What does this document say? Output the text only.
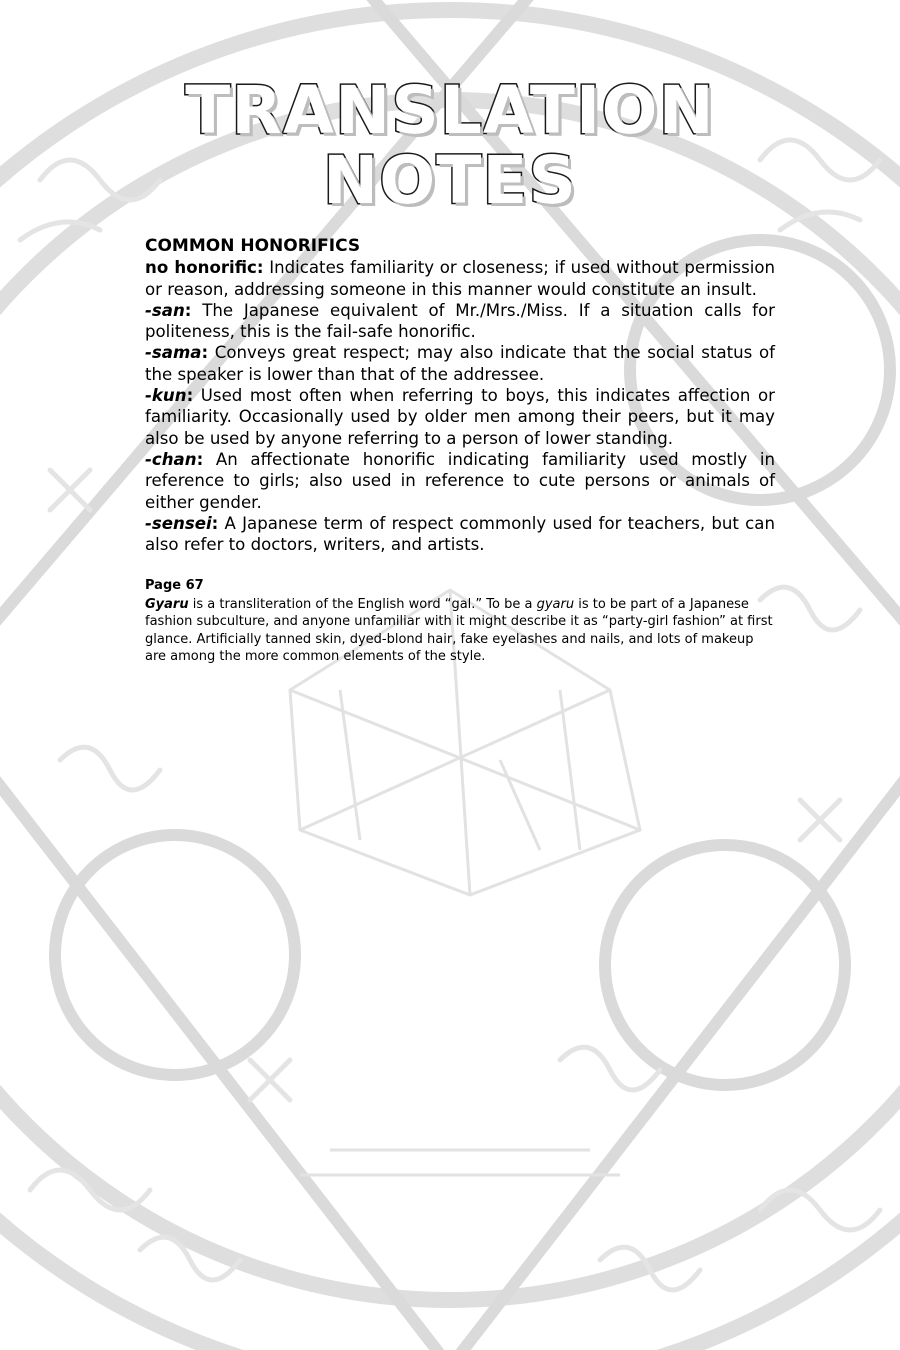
TRANSLATION
NOTES
COMMON HONORIFICS

no honorific: Indicates familiarity or closeness; if used without permission or reason, addressing someone in this manner would constitute an insult.

-san: The Japanese equivalent of Mr./Mrs./Miss. If a situation calls for politeness, this is the fail-safe honorific.

-sama: Conveys great respect; may also indicate that the social status of the speaker is lower than that of the addressee.

-kun: Used most often when referring to boys, this indicates affection or familiarity. Occasionally used by older men among their peers, but it may also be used by anyone referring to a person of lower standing.

-chan: An affectionate honorific indicating familiarity used mostly in reference to girls; also used in reference to cute persons or animals of either gender.

-sensei: A Japanese term of respect commonly used for teachers, but can also refer to doctors, writers, and artists.

Page 67

Gyaru is a transliteration of the English word “gal.” To be a gyaru is to be part of a Japanese fashion subculture, and anyone unfamiliar with it might describe it as “party-girl fashion” at first glance. Artificially tanned skin, dyed-blond hair, fake eyelashes and nails, and lots of makeup are among the more common elements of the style.
